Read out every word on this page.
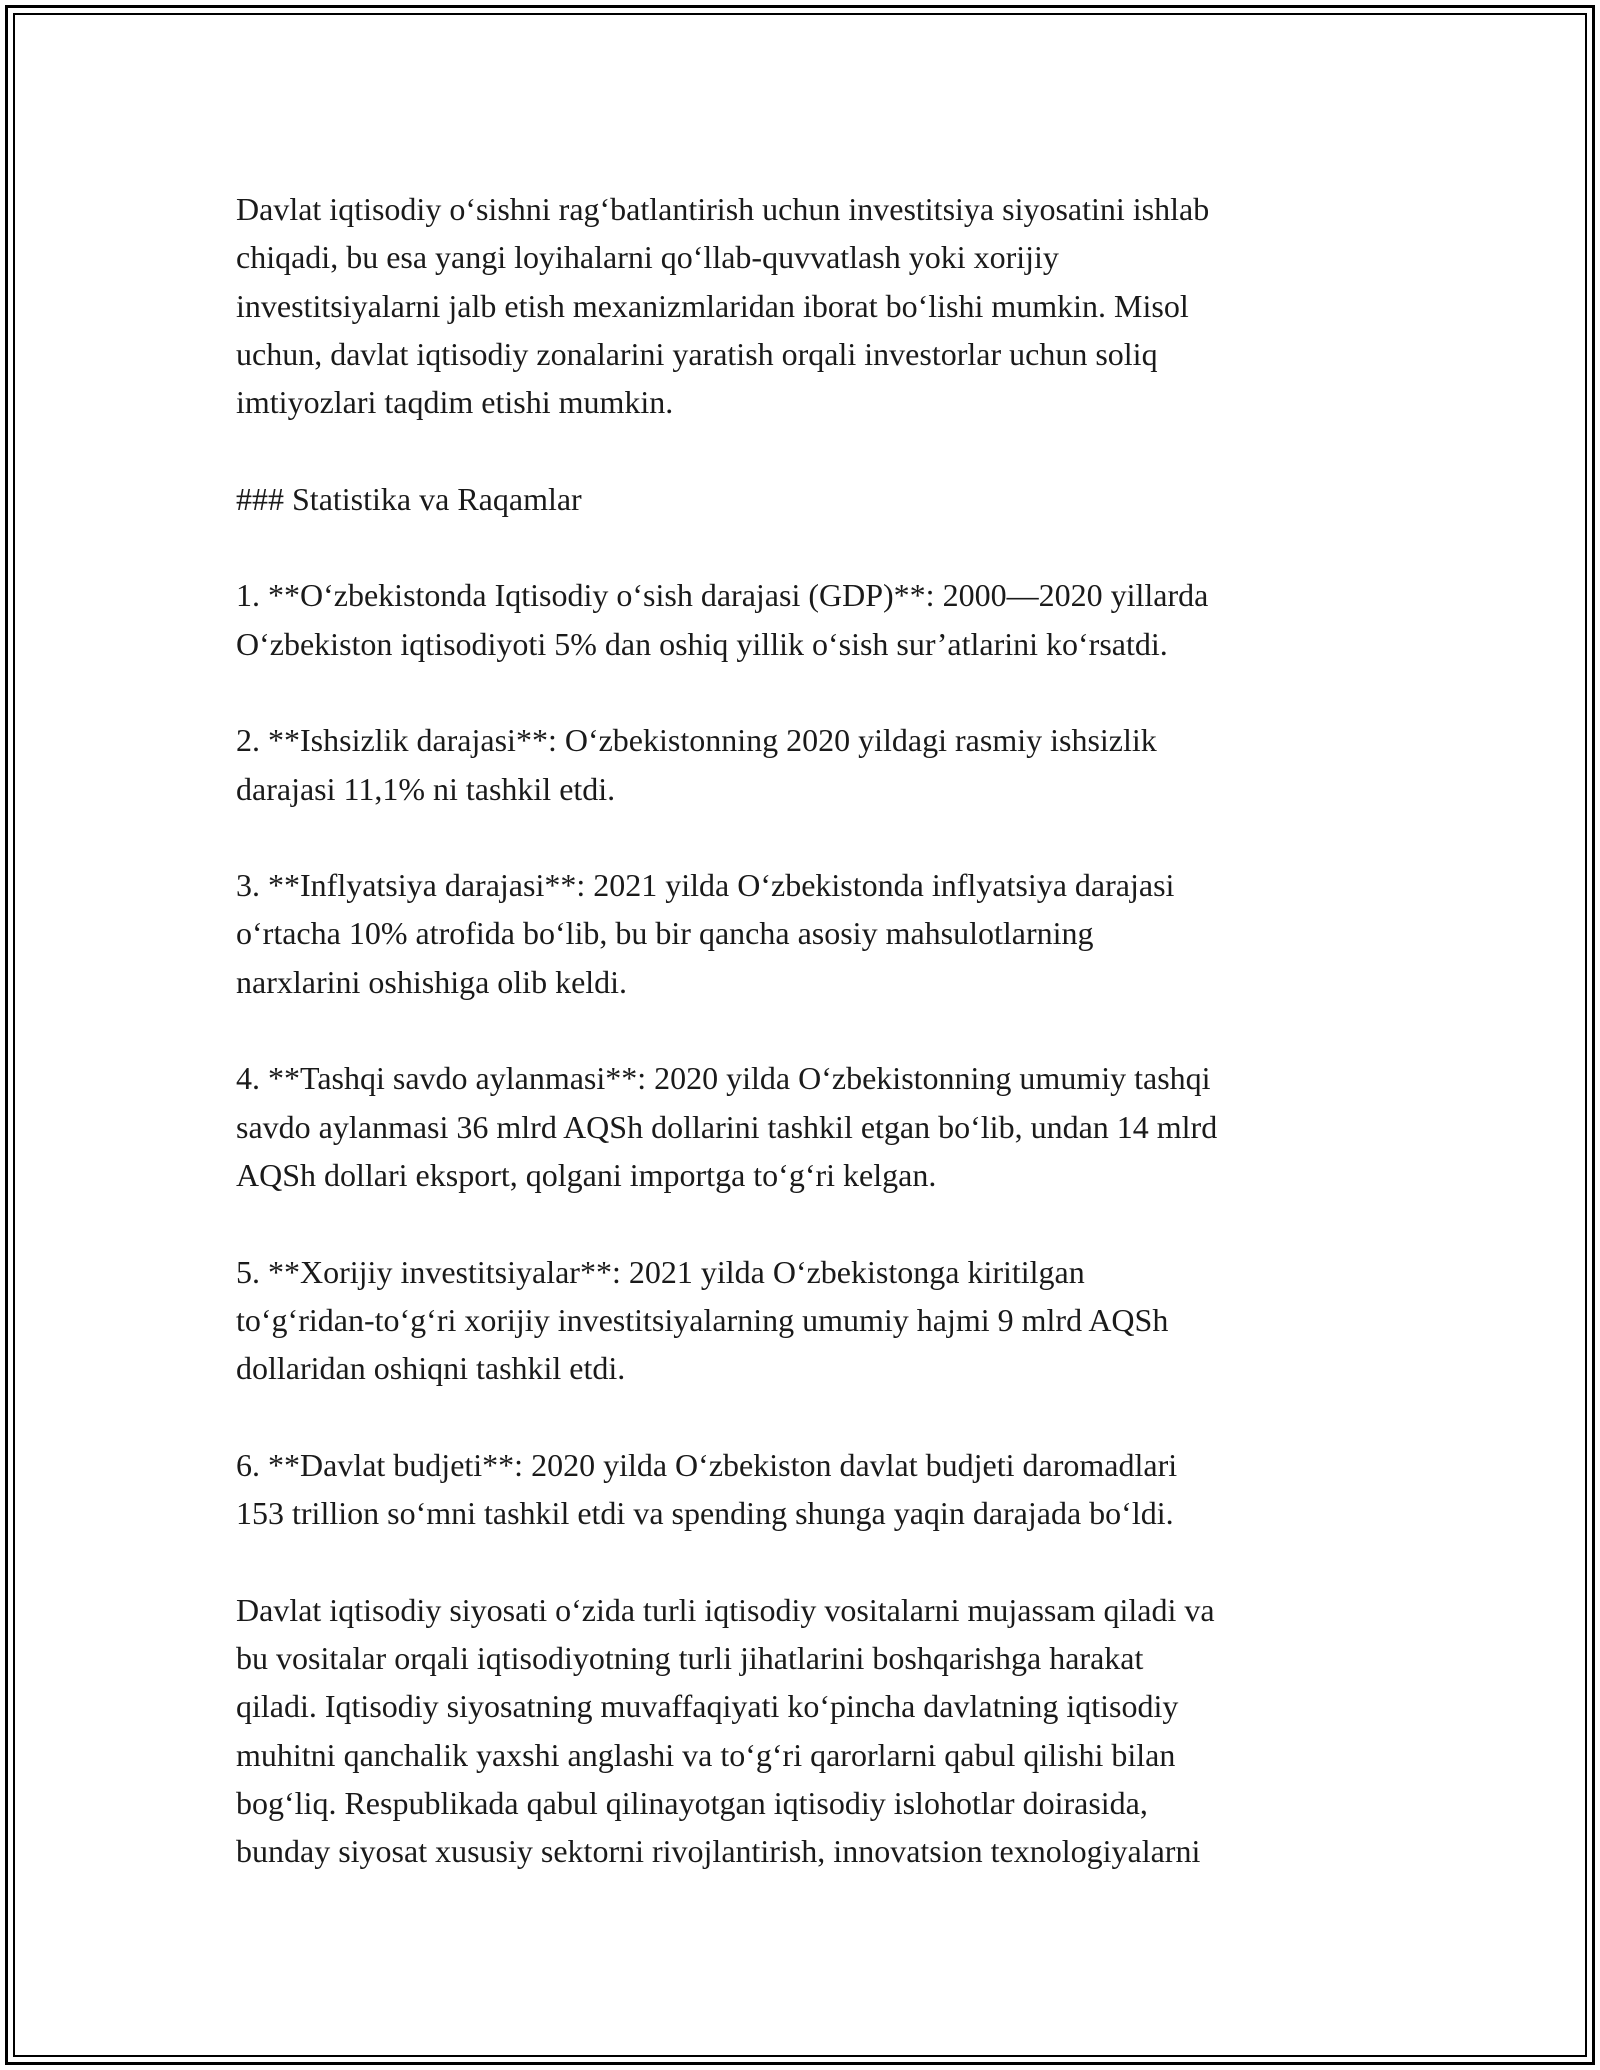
Davlat iqtisodiy o‘sishni rag‘batlantirish uchun investitsiya siyosatini ishlab
chiqadi, bu esa yangi loyihalarni qo‘llab-quvvatlash yoki xorijiy
investitsiyalarni jalb etish mexanizmlaridan iborat bo‘lishi mumkin. Misol
uchun, davlat iqtisodiy zonalarini yaratish orqali investorlar uchun soliq
imtiyozlari taqdim etishi mumkin.

### Statistika va Raqamlar

1. **O‘zbekistonda Iqtisodiy o‘sish darajasi (GDP)**: 2000—2020 yillarda
O‘zbekiston iqtisodiyoti 5% dan oshiq yillik o‘sish sur’atlarini ko‘rsatdi.

2. **Ishsizlik darajasi**: O‘zbekistonning 2020 yildagi rasmiy ishsizlik
darajasi 11,1% ni tashkil etdi.

3. **Inflyatsiya darajasi**: 2021 yilda O‘zbekistonda inflyatsiya darajasi
o‘rtacha 10% atrofida bo‘lib, bu bir qancha asosiy mahsulotlarning
narxlarini oshishiga olib keldi.

4. **Tashqi savdo aylanmasi**: 2020 yilda O‘zbekistonning umumiy tashqi
savdo aylanmasi 36 mlrd AQSh dollarini tashkil etgan bo‘lib, undan 14 mlrd
AQSh dollari eksport, qolgani importga to‘g‘ri kelgan.

5. **Xorijiy investitsiyalar**: 2021 yilda O‘zbekistonga kiritilgan
to‘g‘ridan-to‘g‘ri xorijiy investitsiyalarning umumiy hajmi 9 mlrd AQSh
dollaridan oshiqni tashkil etdi.

6. **Davlat budjeti**: 2020 yilda O‘zbekiston davlat budjeti daromadlari
153 trillion so‘mni tashkil etdi va spending shunga yaqin darajada bo‘ldi.

Davlat iqtisodiy siyosati o‘zida turli iqtisodiy vositalarni mujassam qiladi va
bu vositalar orqali iqtisodiyotning turli jihatlarini boshqarishga harakat
qiladi. Iqtisodiy siyosatning muvaffaqiyati ko‘pincha davlatning iqtisodiy
muhitni qanchalik yaxshi anglashi va to‘g‘ri qarorlarni qabul qilishi bilan
bog‘liq. Respublikada qabul qilinayotgan iqtisodiy islohotlar doirasida,
bunday siyosat xususiy sektorni rivojlantirish, innovatsion texnologiyalarni
